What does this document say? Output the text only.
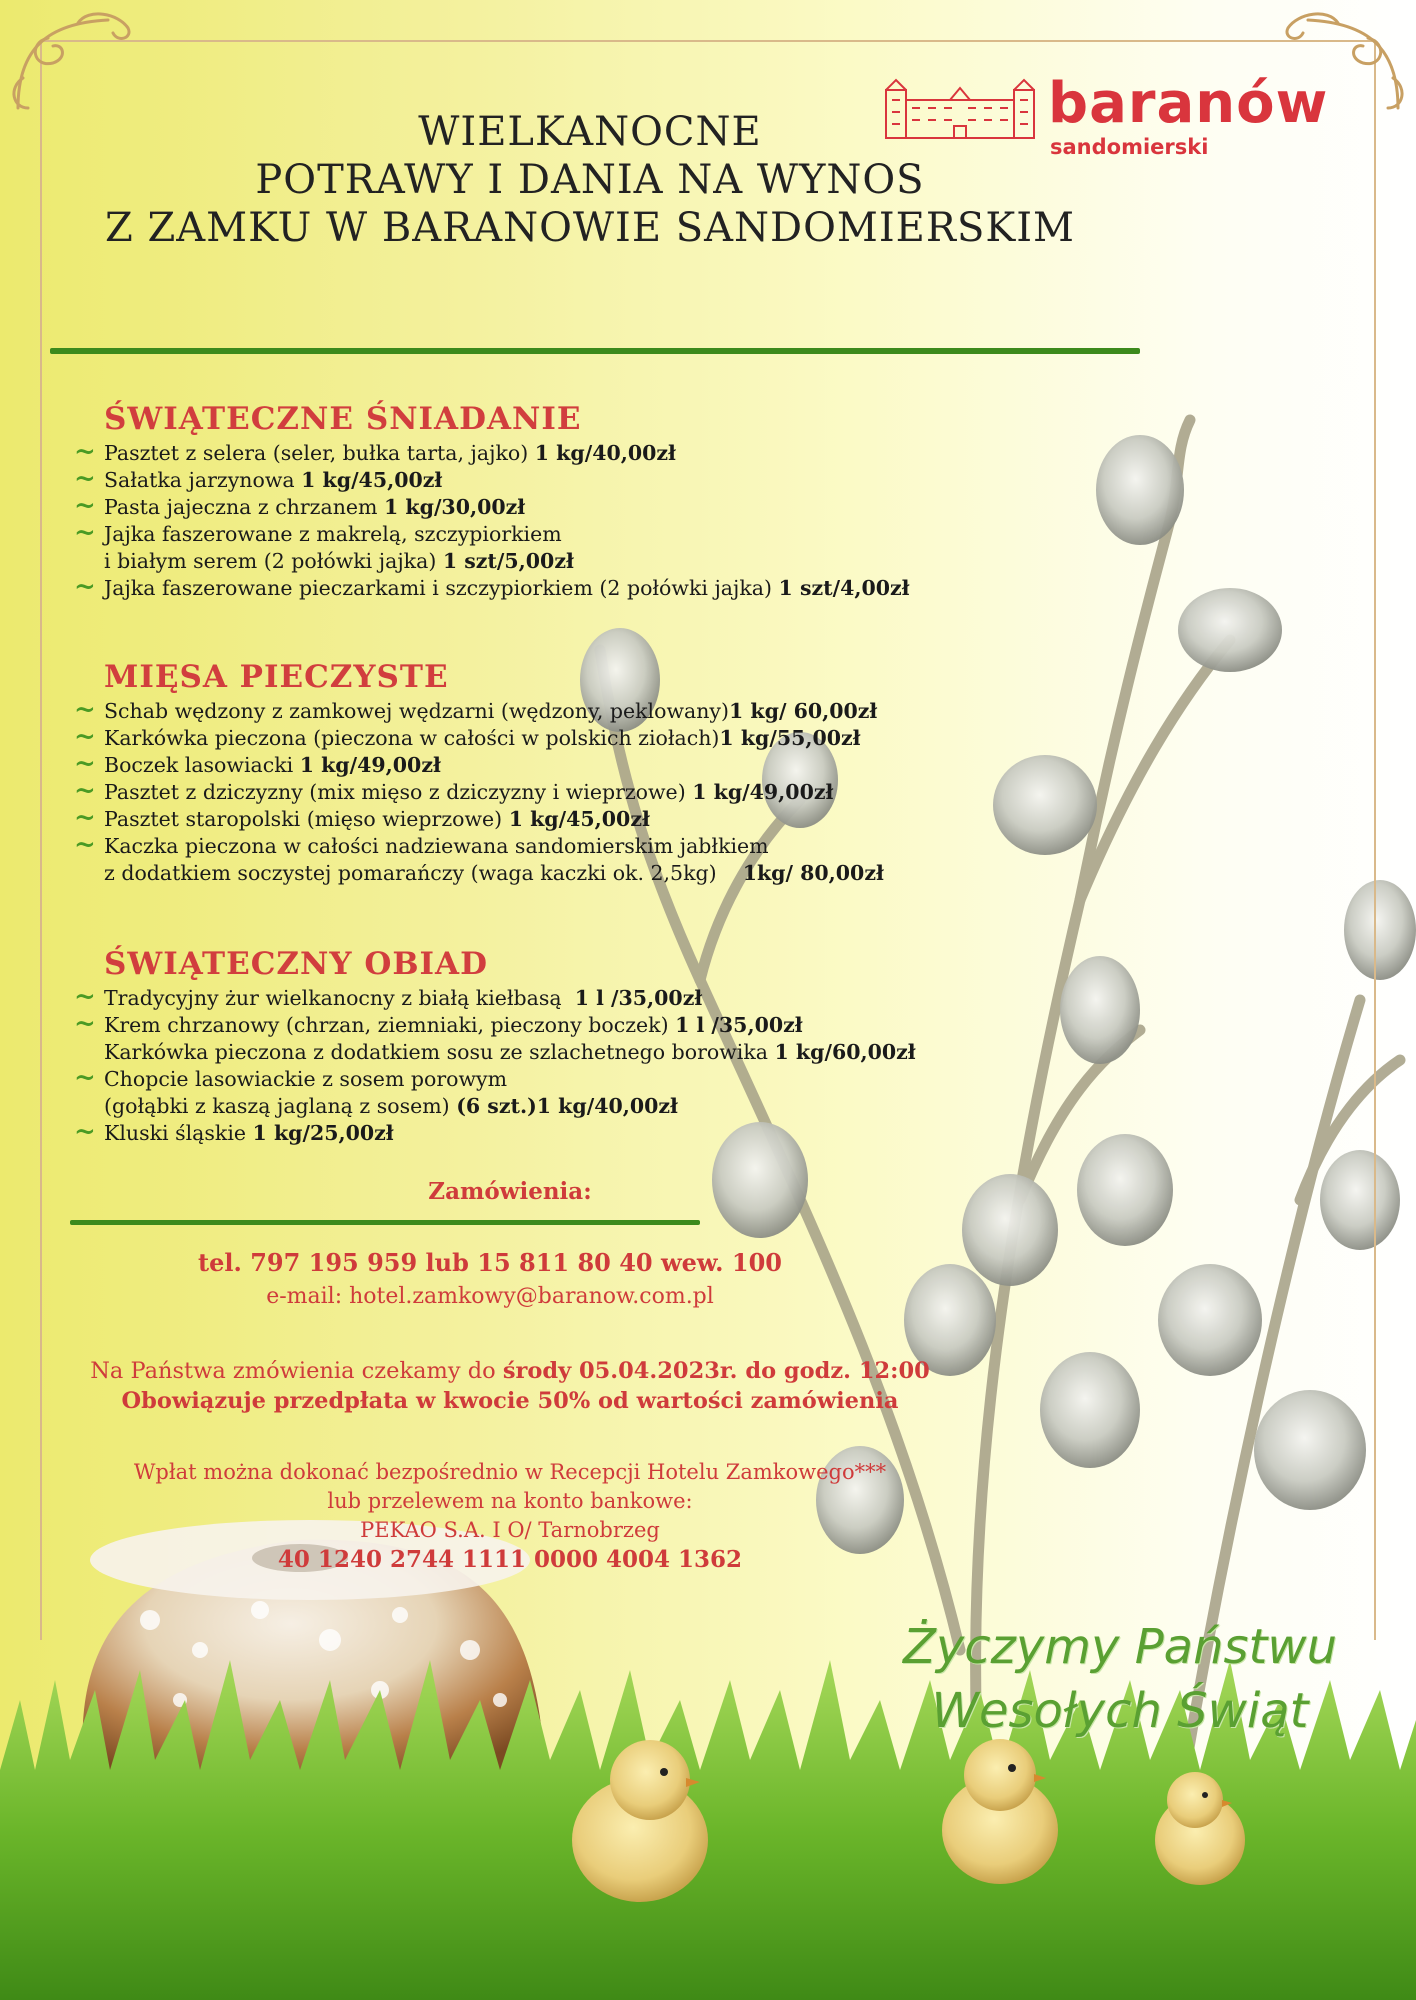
baranów
sandomierski
WIELKANOCNE
POTRAWY I DANIA NA WYNOS
Z ZAMKU W BARANOWIE SANDOMIERSKIM
ŚWIĄTECZNE ŚNIADANIE
~ Pasztet z selera (seler, bułka tarta, jajko) 1 kg/40,00zł
~ Sałatka jarzynowa 1 kg/45,00zł
~ Pasta jajeczna z chrzanem 1 kg/30,00zł
~ Jajka faszerowane z makrelą, szczypiorkiem
i białym serem (2 połówki jajka) 1 szt/5,00zł
~ Jajka faszerowane pieczarkami i szczypiorkiem (2 połówki jajka) 1 szt/4,00zł
MIĘSA PIECZYSTE
~ Schab wędzony z zamkowej wędzarni (wędzony, peklowany)1 kg/ 60,00zł
~ Karkówka pieczona (pieczona w całości w polskich ziołach)1 kg/55,00zł
~ Boczek lasowiacki 1 kg/49,00zł
~ Pasztet z dziczyzny (mix mięso z dziczyzny i wieprzowe) 1 kg/49,00zł
~ Pasztet staropolski (mięso wieprzowe) 1 kg/45,00zł
~ Kaczka pieczona w całości nadziewana sandomierskim jabłkiem
z dodatkiem soczystej pomarańczy (waga kaczki ok. 2,5kg)    1kg/ 80,00zł
ŚWIĄTECZNY OBIAD
~ Tradycyjny żur wielkanocny z białą kiełbasą  1 l /35,00zł
~ Krem chrzanowy (chrzan, ziemniaki, pieczony boczek) 1 l /35,00zł
Karkówka pieczona z dodatkiem sosu ze szlachetnego borowika 1 kg/60,00zł
~ Chopcie lasowiackie z sosem porowym
(gołąbki z kaszą jaglaną z sosem) (6 szt.)1 kg/40,00zł
~ Kluski śląskie 1 kg/25,00zł
Zamówienia:
tel. 797 195 959 lub 15 811 80 40 wew. 100
e-mail: hotel.zamkowy@baranow.com.pl
Na Państwa zmówienia czekamy do środy 05.04.2023r. do godz. 12:00
Obowiązuje przedpłata w kwocie 50% od wartości zamówienia
Wpłat można dokonać bezpośrednio w Recepcji Hotelu Zamkowego***
lub przelewem na konto bankowe:
PEKAO S.A. I O/ Tarnobrzeg
40 1240 2744 1111 0000 4004 1362
Życzymy Państwu
Wesołych Świąt
